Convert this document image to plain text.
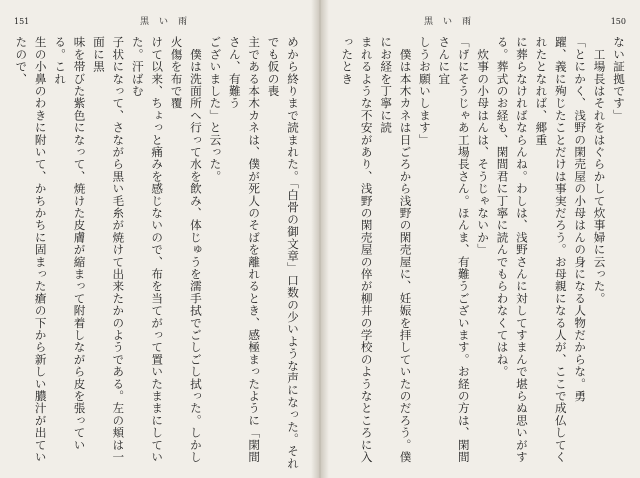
151	黒い雨

めから終りまで読まれた。「白骨の御文章」口数の少いような声になった。それでも仮の喪

主である本木カネは、僕が死人のそばを離れるとき、感極まったように「閑間さん、有難う

ございました」と云った。

　僕は洗面所へ行って水を飲み、体じゅうを濡手拭でごしごし拭った。しかし火傷を布で覆

けて以来、ちょっと痛みを感じないので、布を当てがって置いたままにしていた。汗ばむ

子状になって、さながら黒い毛糸が焼けて出来たかのようである。左の頬は一面に黒

味を帯びた紫色になって、焼けた皮膚が縮まって附着しながら皮を張っている。これ

生の小鼻のわきに附いて、かちかちに固まった瘡の下から新しい膿汁が出ていたので、

黒い雨	150

ない証拠です」

　工場長はそれをはぐらかして炊事婦に云った。

「とにかく、浅野の閑売屋の小母はんの身になる人物だからな。勇

躍、義に殉じたことだけは事実だろう。お母親になる人が、ここで成仏してくれたとなれば、郷重

に葬らなければならんね。わしは、浅野さんに対してすまんで堪らぬ思いがする。葬式のお経も、閑間君に丁寧に読んでもらわなくてはね。

　炊事の小母はんは、そうじゃないか」

「げにそうじゃあ工場長さん。ほんま、有難うございます。お経の方は、閑間さんに宜

しうお願いします」

　僕は本木カネは日ごろから浅野の閑売屋に、妊娠を拝していたのだろう。僕にお経を丁寧に読

まれるような不安があり、浅野の閑売屋の倅が柳井の学校のようなところに入ったとき
